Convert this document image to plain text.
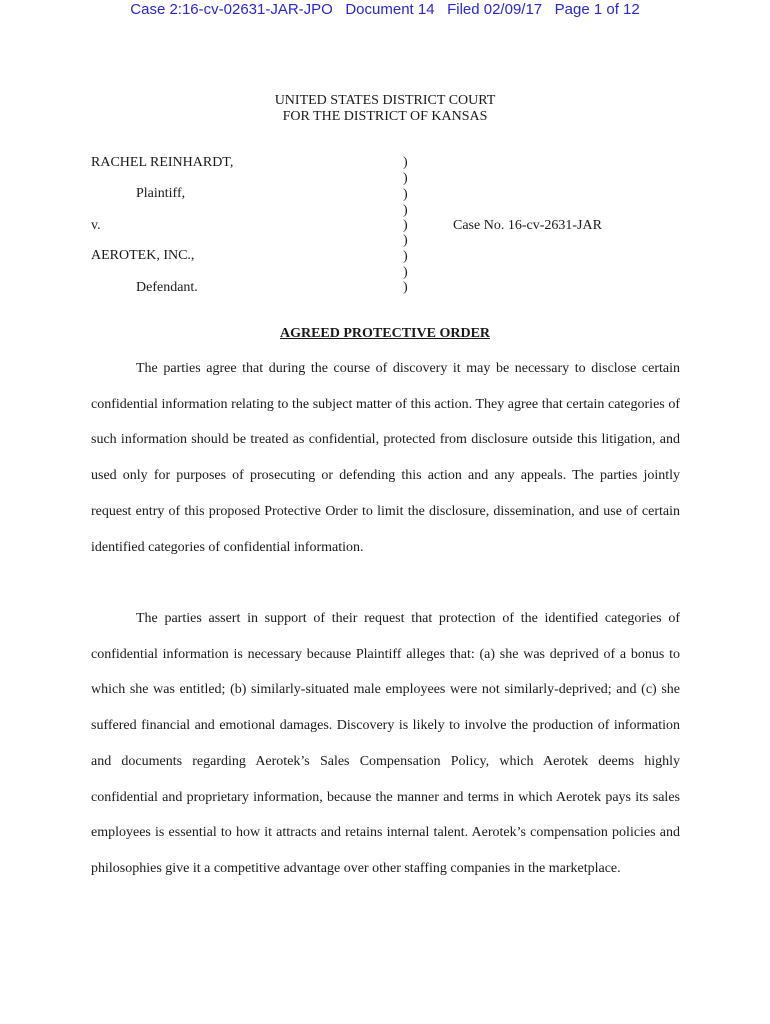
Case 2:16-cv-02631-JAR-JPO   Document 14   Filed 02/09/17   Page 1 of 12
UNITED STATES DISTRICT COURT
FOR THE DISTRICT OF KANSAS
RACHEL REINHARDT,
Plaintiff,
v.
AEROTEK, INC.,
Defendant.
)
)
)
)
)
)
)
)
)
Case No. 16-cv-2631-JAR
AGREED PROTECTIVE ORDER

The parties agree that during the course of discovery it may be necessary to disclose certain confidential information relating to the subject matter of this action. They agree that certain categories of such information should be treated as confidential, protected from disclosure outside this litigation, and used only for purposes of prosecuting or defending this action and any appeals. The parties jointly request entry of this proposed Protective Order to limit the disclosure, dissemination, and use of certain identified categories of confidential information.

The parties assert in support of their request that protection of the identified categories of confidential information is necessary because Plaintiff alleges that: (a) she was deprived of a bonus to which she was entitled; (b) similarly-situated male employees were not similarly-deprived; and (c) she suffered financial and emotional damages. Discovery is likely to involve the production of information and documents regarding Aerotek’s Sales Compensation Policy, which Aerotek deems highly confidential and proprietary information, because the manner and terms in which Aerotek pays its sales employees is essential to how it attracts and retains internal talent. Aerotek’s compensation policies and philosophies give it a competitive advantage over other staffing companies in the marketplace.
